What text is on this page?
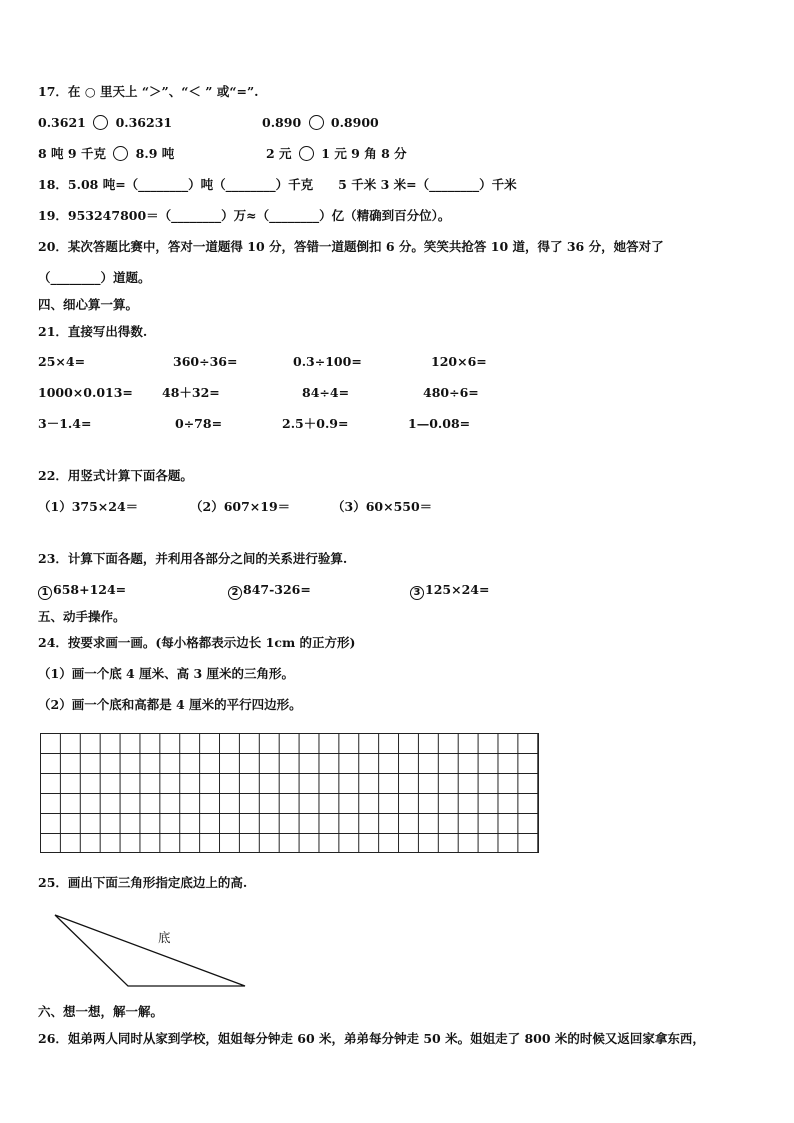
17．在 ○ 里天上 “＞”、“＜ ” 或“=”.
0.3621 0.36231	0.890 0.8900
8 吨 9 千克 8.9 吨	2 元 1 元 9 角 8 分
18．5.08 吨=（________）吨（________）千克　　5 千米 3 米=（________）千米
19．953247800＝（________）万≈（________）亿（精确到百分位）。
20．某次答题比赛中，答对一道题得 10 分，答错一道题倒扣 6 分。笑笑共抢答 10 道，得了 36 分，她答对了
（________）道题。
四、细心算一算。
21．直接写出得数.
25×4=	360÷36=	0.3÷100=	120×6=
1000×0.013= 48＋32=	84÷4=	480÷6=
3－1.4=	0÷78=	2.5＋0.9=	1—0.08=
22．用竖式计算下面各题。
（1）375×24＝	（2）607×19＝	（3）60×550＝
23．计算下面各题，并利用各部分之间的关系进行验算.
1 658+124=	2 847-326=	3 125×24=
五、动手操作。
24．按要求画一画。(每小格都表示边长 1cm 的正方形)
（1）画一个底 4 厘米、高 3 厘米的三角形。
（2）画一个底和高都是 4 厘米的平行四边形。
25．画出下面三角形指定底边上的高.
底
六、想一想，解一解。
26．姐弟两人同时从家到学校，姐姐每分钟走 60 米，弟弟每分钟走 50 米。姐姐走了 800 米的时候又返回家拿东西，
